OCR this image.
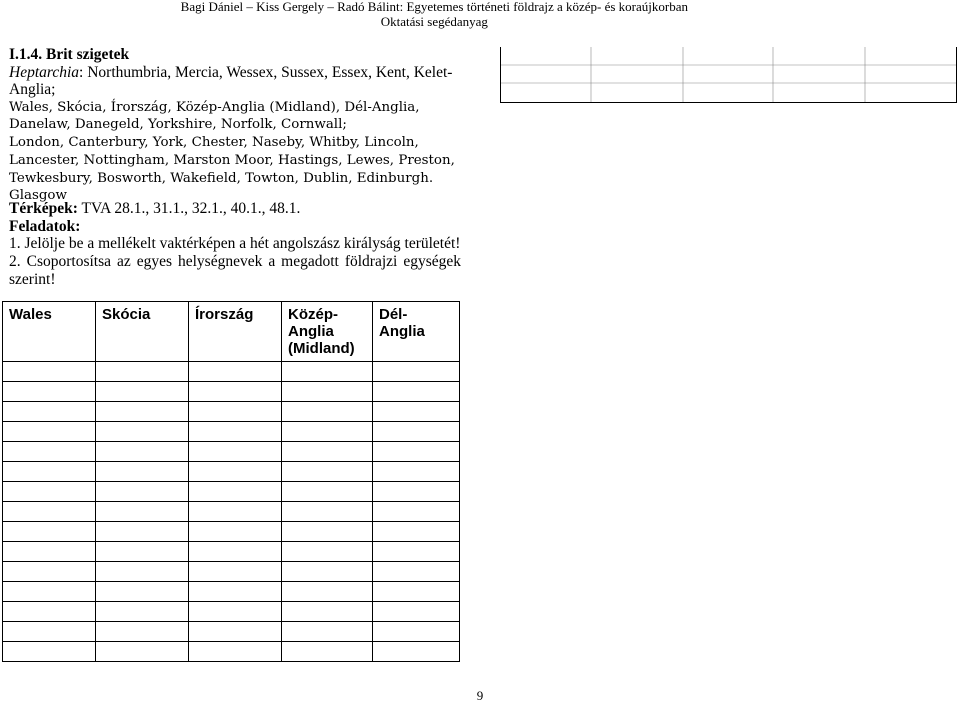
Bagi Dániel – Kiss Gergely – Radó Bálint: Egyetemes történeti földrajz a közép- és koraújkorban
Oktatási segédanyag
I.1.4. Brit szigetek
Heptarchia: Northumbria, Mercia, Wessex, Sussex, Essex, Kent, Kelet-Anglia;
Wales, Skócia, Írország, Közép-Anglia (Midland), Dél-Anglia, Danelaw, Danegeld, Yorkshire, Norfolk, Cornwall;
London, Canterbury, York, Chester, Naseby, Whitby, Lincoln, Lancester, Nottingham, Marston Moor, Hastings, Lewes, Preston, Tewkesbury, Bosworth, Wakefield, Towton, Dublin, Edinburgh. Glasgow
Térképek: TVA 28.1., 31.1., 32.1., 40.1., 48.1.
Feladatok:
1. Jelölje be a mellékelt vaktérképen a hét angolszász királyság területét!
2. Csoportosítsa az egyes helységnevek a megadott földrajzi egységek szerint!
Wales	Skócia	Írország	Közép-Anglia (Midland)	Dél-Anglia

9
